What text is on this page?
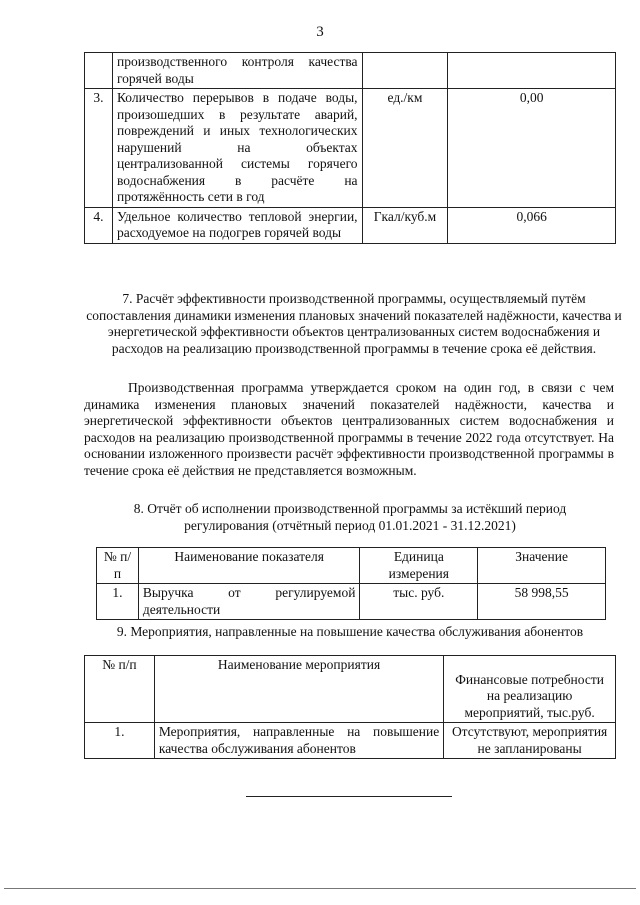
3
	производственного контроля качества горячей воды		
3.	Количество перерывов в подаче воды, произошедших в результате аварий, повреждений и иных технологических нарушений на объектах централизованной системы горячего водоснабжения в расчёте на протяжённость сети в год	ед./км	0,00
4.	Удельное количество тепловой энергии, расходуемое на подогрев горячей воды	Гкал/куб.м	0,066
7. Расчёт эффективности производственной программы, осуществляемый путём сопоставления динамики изменения плановых значений показателей надёжности, качества и энергетической эффективности объектов централизованных систем водоснабжения и расходов на реализацию производственной программы в течение срока её действия.
Производственная программа утверждается сроком на один год, в связи с чем динамика изменения плановых значений показателей надёжности, качества и энергетической эффективности объектов централизованных систем водоснабжения и расходов на реализацию производственной программы в течение 2022 года отсутствует. На основании изложенного произвести расчёт эффективности производственной программы в течение срока её действия не представляется возможным.
8. Отчёт об исполнении производственной программы за истёкший период регулирования (отчётный период 01.01.2021 - 31.12.2021)
№ п/п	Наименование показателя	Единица измерения	Значение
1.	Выручка от регулируемой деятельности	тыс. руб.	58 998,55
9. Мероприятия, направленные на повышение качества обслуживания абонентов
№ п/п	Наименование мероприятия	Финансовые потребности на реализацию мероприятий, тыс.руб.
1.	Мероприятия, направленные на повышение качества обслуживания абонентов	Отсутствуют, мероприятия не запланированы
